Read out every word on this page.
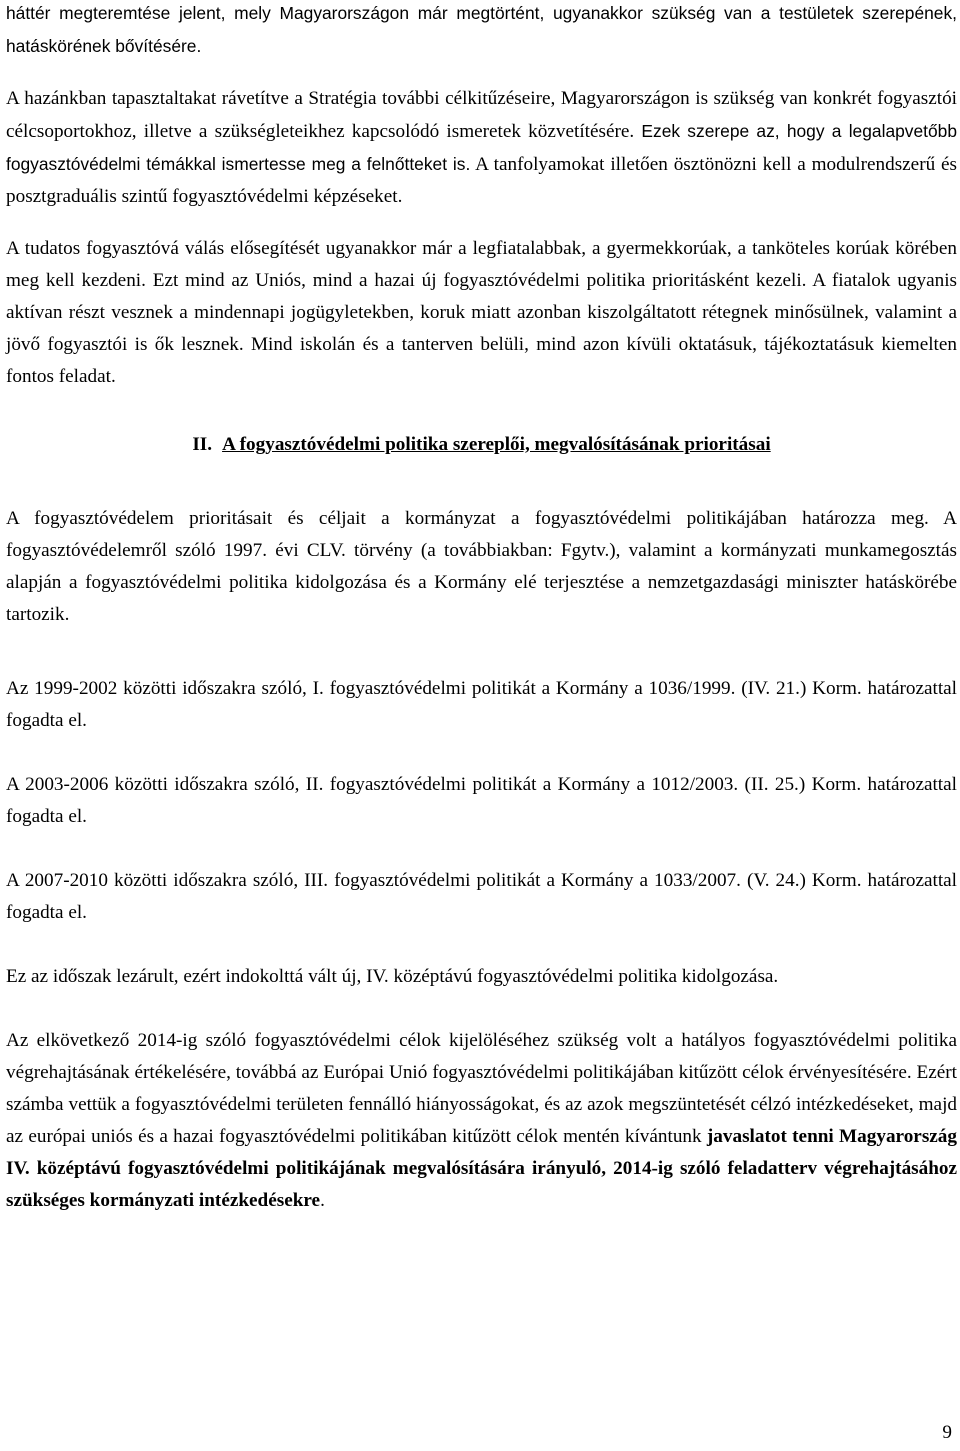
háttér megteremtése jelent, mely Magyarországon már megtörtént, ugyanakkor szükség van a testületek szerepének, hatáskörének bővítésére.

A hazánkban tapasztaltakat rávetítve a Stratégia további célkitűzéseire, Magyarországon is szükség van konkrét fogyasztói célcsoportokhoz, illetve a szükségleteikhez kapcsolódó ismeretek közvetítésére. Ezek szerepe az, hogy a legalapvetőbb fogyasztóvédelmi témákkal ismertesse meg a felnőtteket is. A tanfolyamokat illetően ösztönözni kell a modulrendszerű és posztgraduális szintű fogyasztóvédelmi képzéseket.

A tudatos fogyasztóvá válás elősegítését ugyanakkor már a legfiatalabbak, a gyermekkorúak, a tanköteles korúak körében meg kell kezdeni. Ezt mind az Uniós, mind a hazai új fogyasztóvédelmi politika prioritásként kezeli. A fiatalok ugyanis aktívan részt vesznek a mindennapi jogügyletekben, koruk miatt azonban kiszolgáltatott rétegnek minősülnek, valamint a jövő fogyasztói is ők lesznek. Mind iskolán és a tanterven belüli, mind azon kívüli oktatásuk, tájékoztatásuk kiemelten fontos feladat.

II. A fogyasztóvédelmi politika szereplői, megvalósításának prioritásai

A fogyasztóvédelem prioritásait és céljait a kormányzat a fogyasztóvédelmi politikájában határozza meg. A fogyasztóvédelemről szóló 1997. évi CLV. törvény (a továbbiakban: Fgytv.), valamint a kormányzati munkamegosztás alapján a fogyasztóvédelmi politika kidolgozása és a Kormány elé terjesztése a nemzetgazdasági miniszter hatáskörébe tartozik.

Az 1999-2002 közötti időszakra szóló, I. fogyasztóvédelmi politikát a Kormány a 1036/1999. (IV. 21.) Korm. határozattal fogadta el.

A 2003-2006 közötti időszakra szóló, II. fogyasztóvédelmi politikát a Kormány a 1012/2003. (II. 25.) Korm. határozattal fogadta el.

A 2007-2010 közötti időszakra szóló, III. fogyasztóvédelmi politikát a Kormány a 1033/2007. (V. 24.) Korm. határozattal fogadta el.

Ez az időszak lezárult, ezért indokolttá vált új, IV. középtávú fogyasztóvédelmi politika kidolgozása.

Az elkövetkező 2014-ig szóló fogyasztóvédelmi célok kijelöléséhez szükség volt a hatályos fogyasztóvédelmi politika végrehajtásának értékelésére, továbbá az Európai Unió fogyasztóvédelmi politikájában kitűzött célok érvényesítésére. Ezért számba vettük a fogyasztóvédelmi területen fennálló hiányosságokat, és az azok megszüntetését célzó intézkedéseket, majd az európai uniós és a hazai fogyasztóvédelmi politikában kitűzött célok mentén kívántunk javaslatot tenni Magyarország IV. középtávú fogyasztóvédelmi politikájának megvalósítására irányuló, 2014-ig szóló feladatterv végrehajtásához szükséges kormányzati intézkedésekre.

9
